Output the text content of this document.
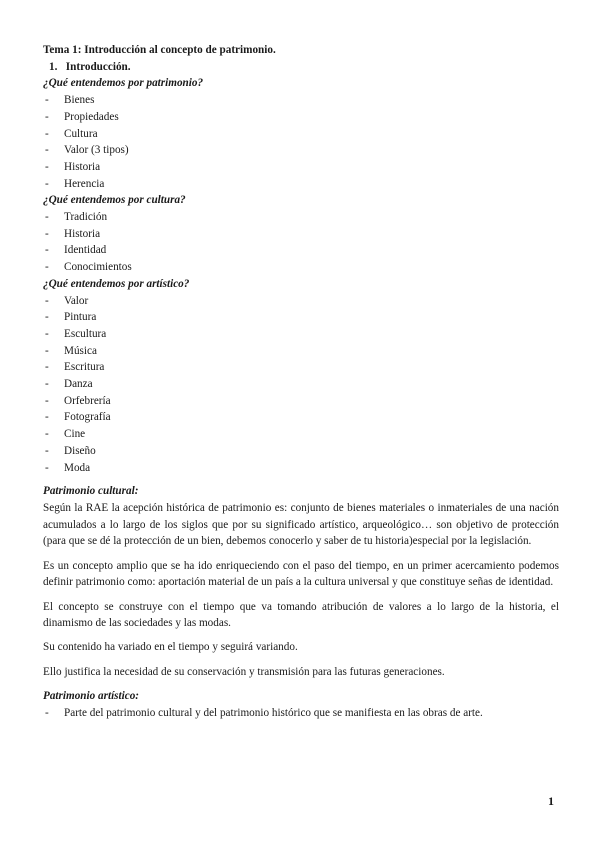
Tema 1: Introducción al concepto de patrimonio.

1. Introducción.

¿Qué entendemos por patrimonio?

- Bienes
- Propiedades
- Cultura
- Valor (3 tipos)
- Historia
- Herencia

¿Qué entendemos por cultura?

- Tradición
- Historia
- Identidad
- Conocimientos

¿Qué entendemos por artístico?

- Valor
- Pintura
- Escultura
- Música
- Escritura
- Danza
- Orfebrería
- Fotografía
- Cine
- Diseño
- Moda

Patrimonio cultural:

Según la RAE la acepción histórica de patrimonio es: conjunto de bienes materiales o inmateriales de una nación acumulados a lo largo de los siglos que por su significado artístico, arqueológico… son objetivo de protección (para que se dé la protección de un bien, debemos conocerlo y saber de tu historia)especial por la legislación.

Es un concepto amplio que se ha ido enriqueciendo con el paso del tiempo, en un primer acercamiento podemos definir patrimonio como: aportación material de un país a la cultura universal y que constituye señas de identidad.

El concepto se construye con el tiempo que va tomando atribución de valores a lo largo de la historia, el dinamismo de las sociedades y las modas.

Su contenido ha variado en el tiempo y seguirá variando.

Ello justifica la necesidad de su conservación y transmisión para las futuras generaciones.

Patrimonio artístico:

- Parte del patrimonio cultural y del patrimonio histórico que se manifiesta en las obras de arte.
1
